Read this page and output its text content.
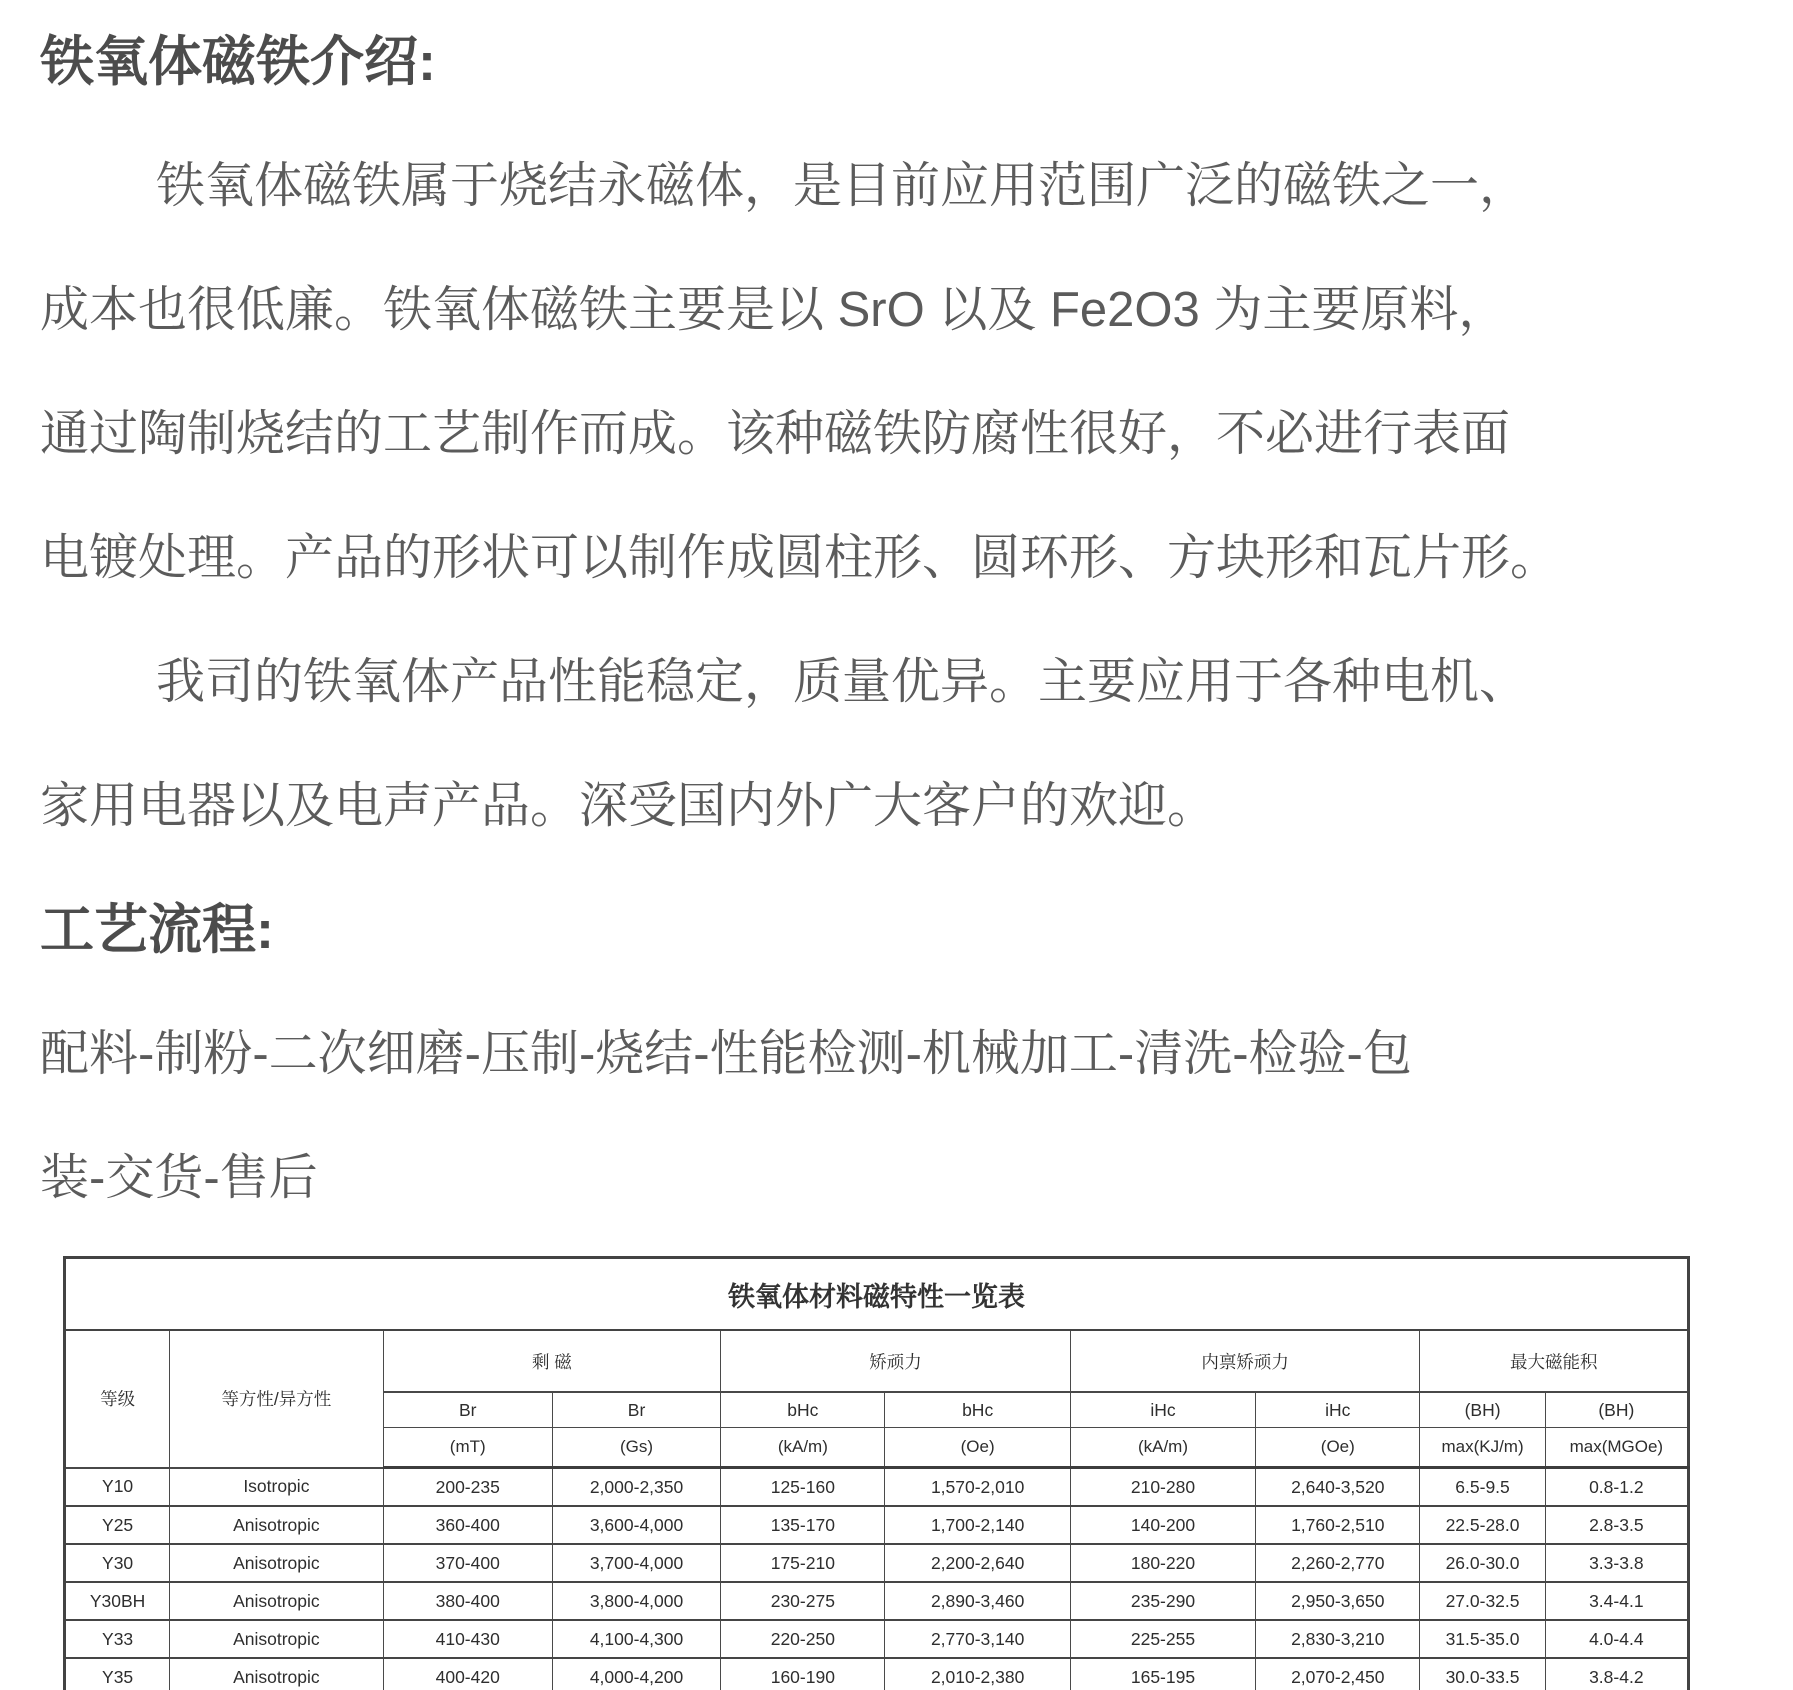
铁氧体磁铁介绍:
铁氧体磁铁属于烧结永磁体，是目前应用范围广泛的磁铁之一，
成本也很低廉。铁氧体磁铁主要是以 SrO 以及 Fe2O3 为主要原料，
通过陶制烧结的工艺制作而成。该种磁铁防腐性很好，不必进行表面
电镀处理。产品的形状可以制作成圆柱形、圆环形、方块形和瓦片形。
我司的铁氧体产品性能稳定，质量优异。主要应用于各种电机、
家用电器以及电声产品。深受国内外广大客户的欢迎。
工艺流程:
配料-制粉-二次细磨-压制-烧结-性能检测-机械加工-清洗-检验-包
装-交货-售后
铁氧体材料磁特性一览表									
等级	等方性/异方性	剩 磁		矫顽力		内禀矫顽力		最大磁能积	
		Br	Br	bHc	bHc	iHc	iHc	(BH)	(BH)
		(mT)	(Gs)	(kA/m)	(Oe)	(kA/m)	(Oe)	max(KJ/m)	max(MGOe)
Y10	Isotropic	200-235	2,000-2,350	125-160	1,570-2,010	210-280	2,640-3,520	6.5-9.5	0.8-1.2
Y25	Anisotropic	360-400	3,600-4,000	135-170	1,700-2,140	140-200	1,760-2,510	22.5-28.0	2.8-3.5
Y30	Anisotropic	370-400	3,700-4,000	175-210	2,200-2,640	180-220	2,260-2,770	26.0-30.0	3.3-3.8
Y30BH	Anisotropic	380-400	3,800-4,000	230-275	2,890-3,460	235-290	2,950-3,650	27.0-32.5	3.4-4.1
Y33	Anisotropic	410-430	4,100-4,300	220-250	2,770-3,140	225-255	2,830-3,210	31.5-35.0	4.0-4.4
Y35	Anisotropic	400-420	4,000-4,200	160-190	2,010-2,380	165-195	2,070-2,450	30.0-33.5	3.8-4.2
